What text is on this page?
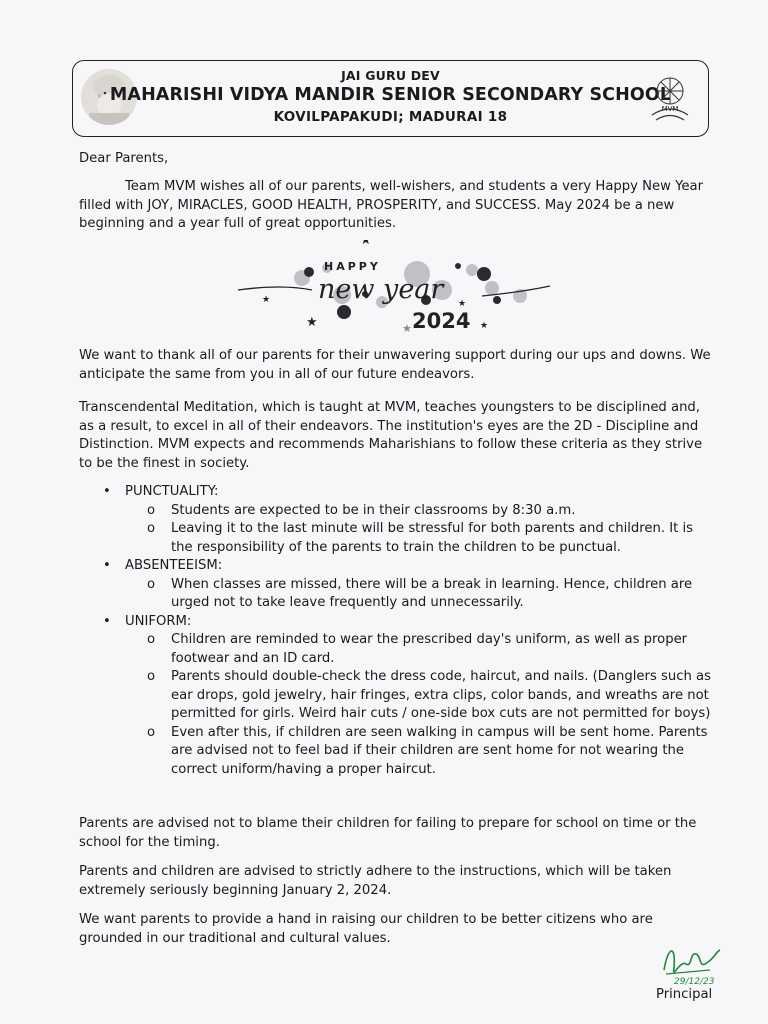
JAI GURU DEV
MAHARISHI VIDYA MANDIR SENIOR SECONDARY SCHOOL
KOVILPAPAKUDI; MADURAI 18	MVM
Dear Parents,
Team MVM wishes all of our parents, well-wishers, and students a very Happy New Year filled with JOY, MIRACLES, GOOD HEALTH, PROSPERITY, and SUCCESS. May 2024 be a new beginning and a year full of great opportunities.
★
★
★
★
★
★
HAPPY
new year
2024
We want to thank all of our parents for their unwavering support during our ups and downs. We anticipate the same from you in all of our future endeavors.
Transcendental Meditation, which is taught at MVM, teaches youngsters to be disciplined and, as a result, to excel in all of their endeavors. The institution's eyes are the 2D - Discipline and Distinction. MVM expects and recommends Maharishians to follow these criteria as they strive to be the finest in society.
• PUNCTUALITY:
o Students are expected to be in their classrooms by 8:30 a.m.
o Leaving it to the last minute will be stressful for both parents and children. It is the responsibility of the parents to train the children to be punctual.
• ABSENTEEISM:
o When classes are missed, there will be a break in learning. Hence, children are urged not to take leave frequently and unnecessarily.
• UNIFORM:
o Children are reminded to wear the prescribed day's uniform, as well as proper footwear and an ID card.
o Parents should double-check the dress code, haircut, and nails. (Danglers such as ear drops, gold jewelry, hair fringes, extra clips, color bands, and wreaths are not permitted for girls. Weird hair cuts / one-side box cuts are not permitted for boys)
o Even after this, if children are seen walking in campus will be sent home. Parents are advised not to feel bad if their children are sent home for not wearing the correct uniform/having a proper haircut.
Parents are advised not to blame their children for failing to prepare for school on time or the school for the timing.
Parents and children are advised to strictly adhere to the instructions, which will be taken extremely seriously beginning January 2, 2024.
We want parents to provide a hand in raising our children to be better citizens who are grounded in our traditional and cultural values.
29/12/23
Principal
